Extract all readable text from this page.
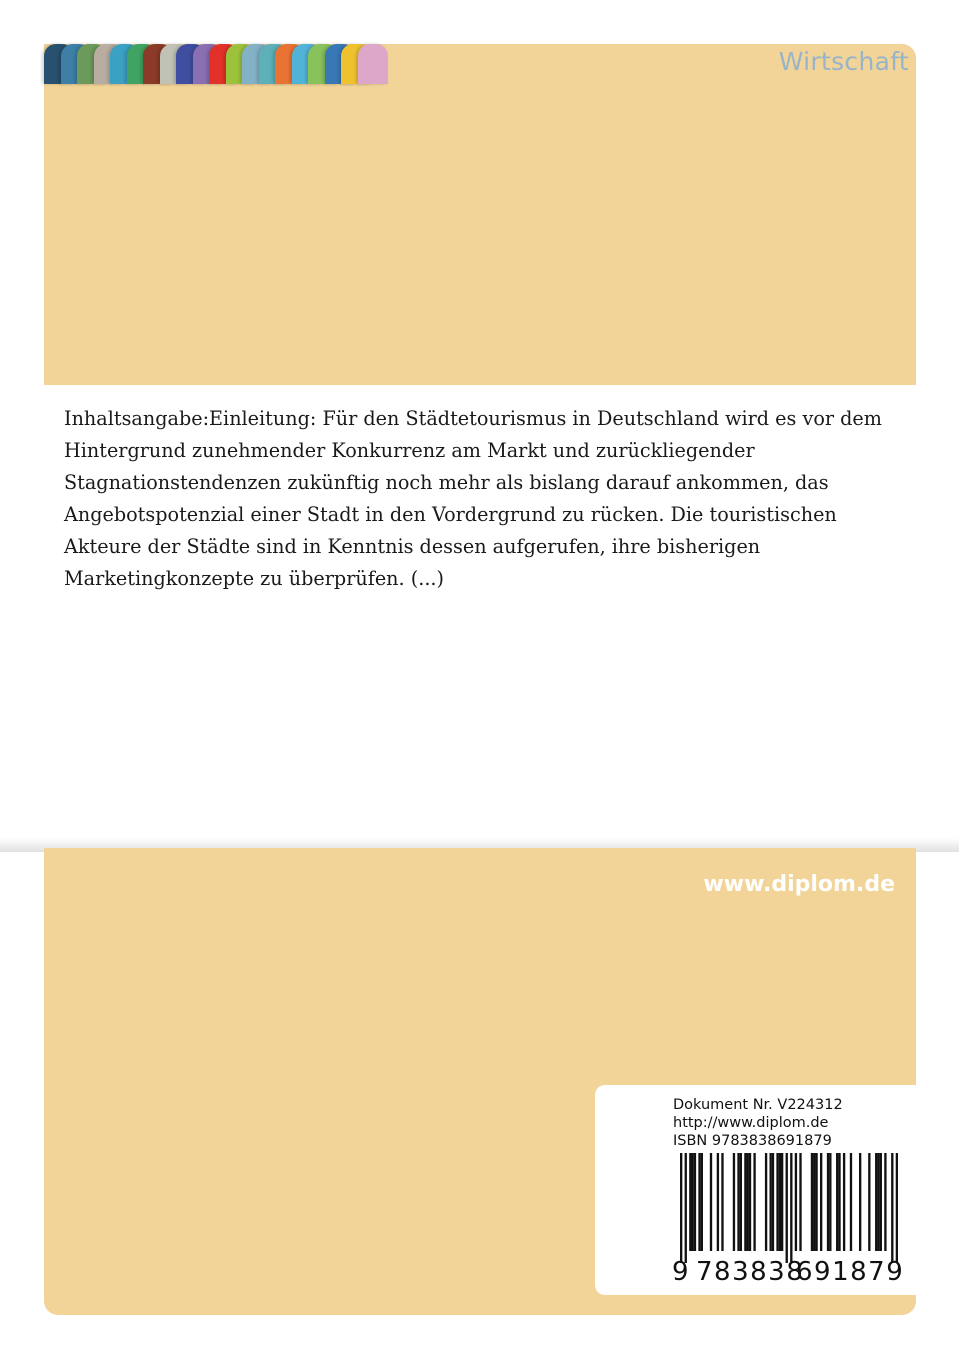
Wirtschaft

Inhaltsangabe:Einleitung: Für den Städtetourismus in Deutschland wird es vor dem Hintergrund zunehmender Konkurrenz am Markt und zurückliegender Stagnationstendenzen zukünftig noch mehr als bislang darauf ankommen, das Angebotspotenzial einer Stadt in den Vordergrund zu rücken. Die touristischen Akteure der Städte sind in Kenntnis dessen aufgerufen, ihre bisherigen Marketingkonzepte zu überprüfen. (...)

www.diplom.de
Dokument Nr. V224312
http://www.diplom.de
ISBN 9783838691879
9 783838
691879
